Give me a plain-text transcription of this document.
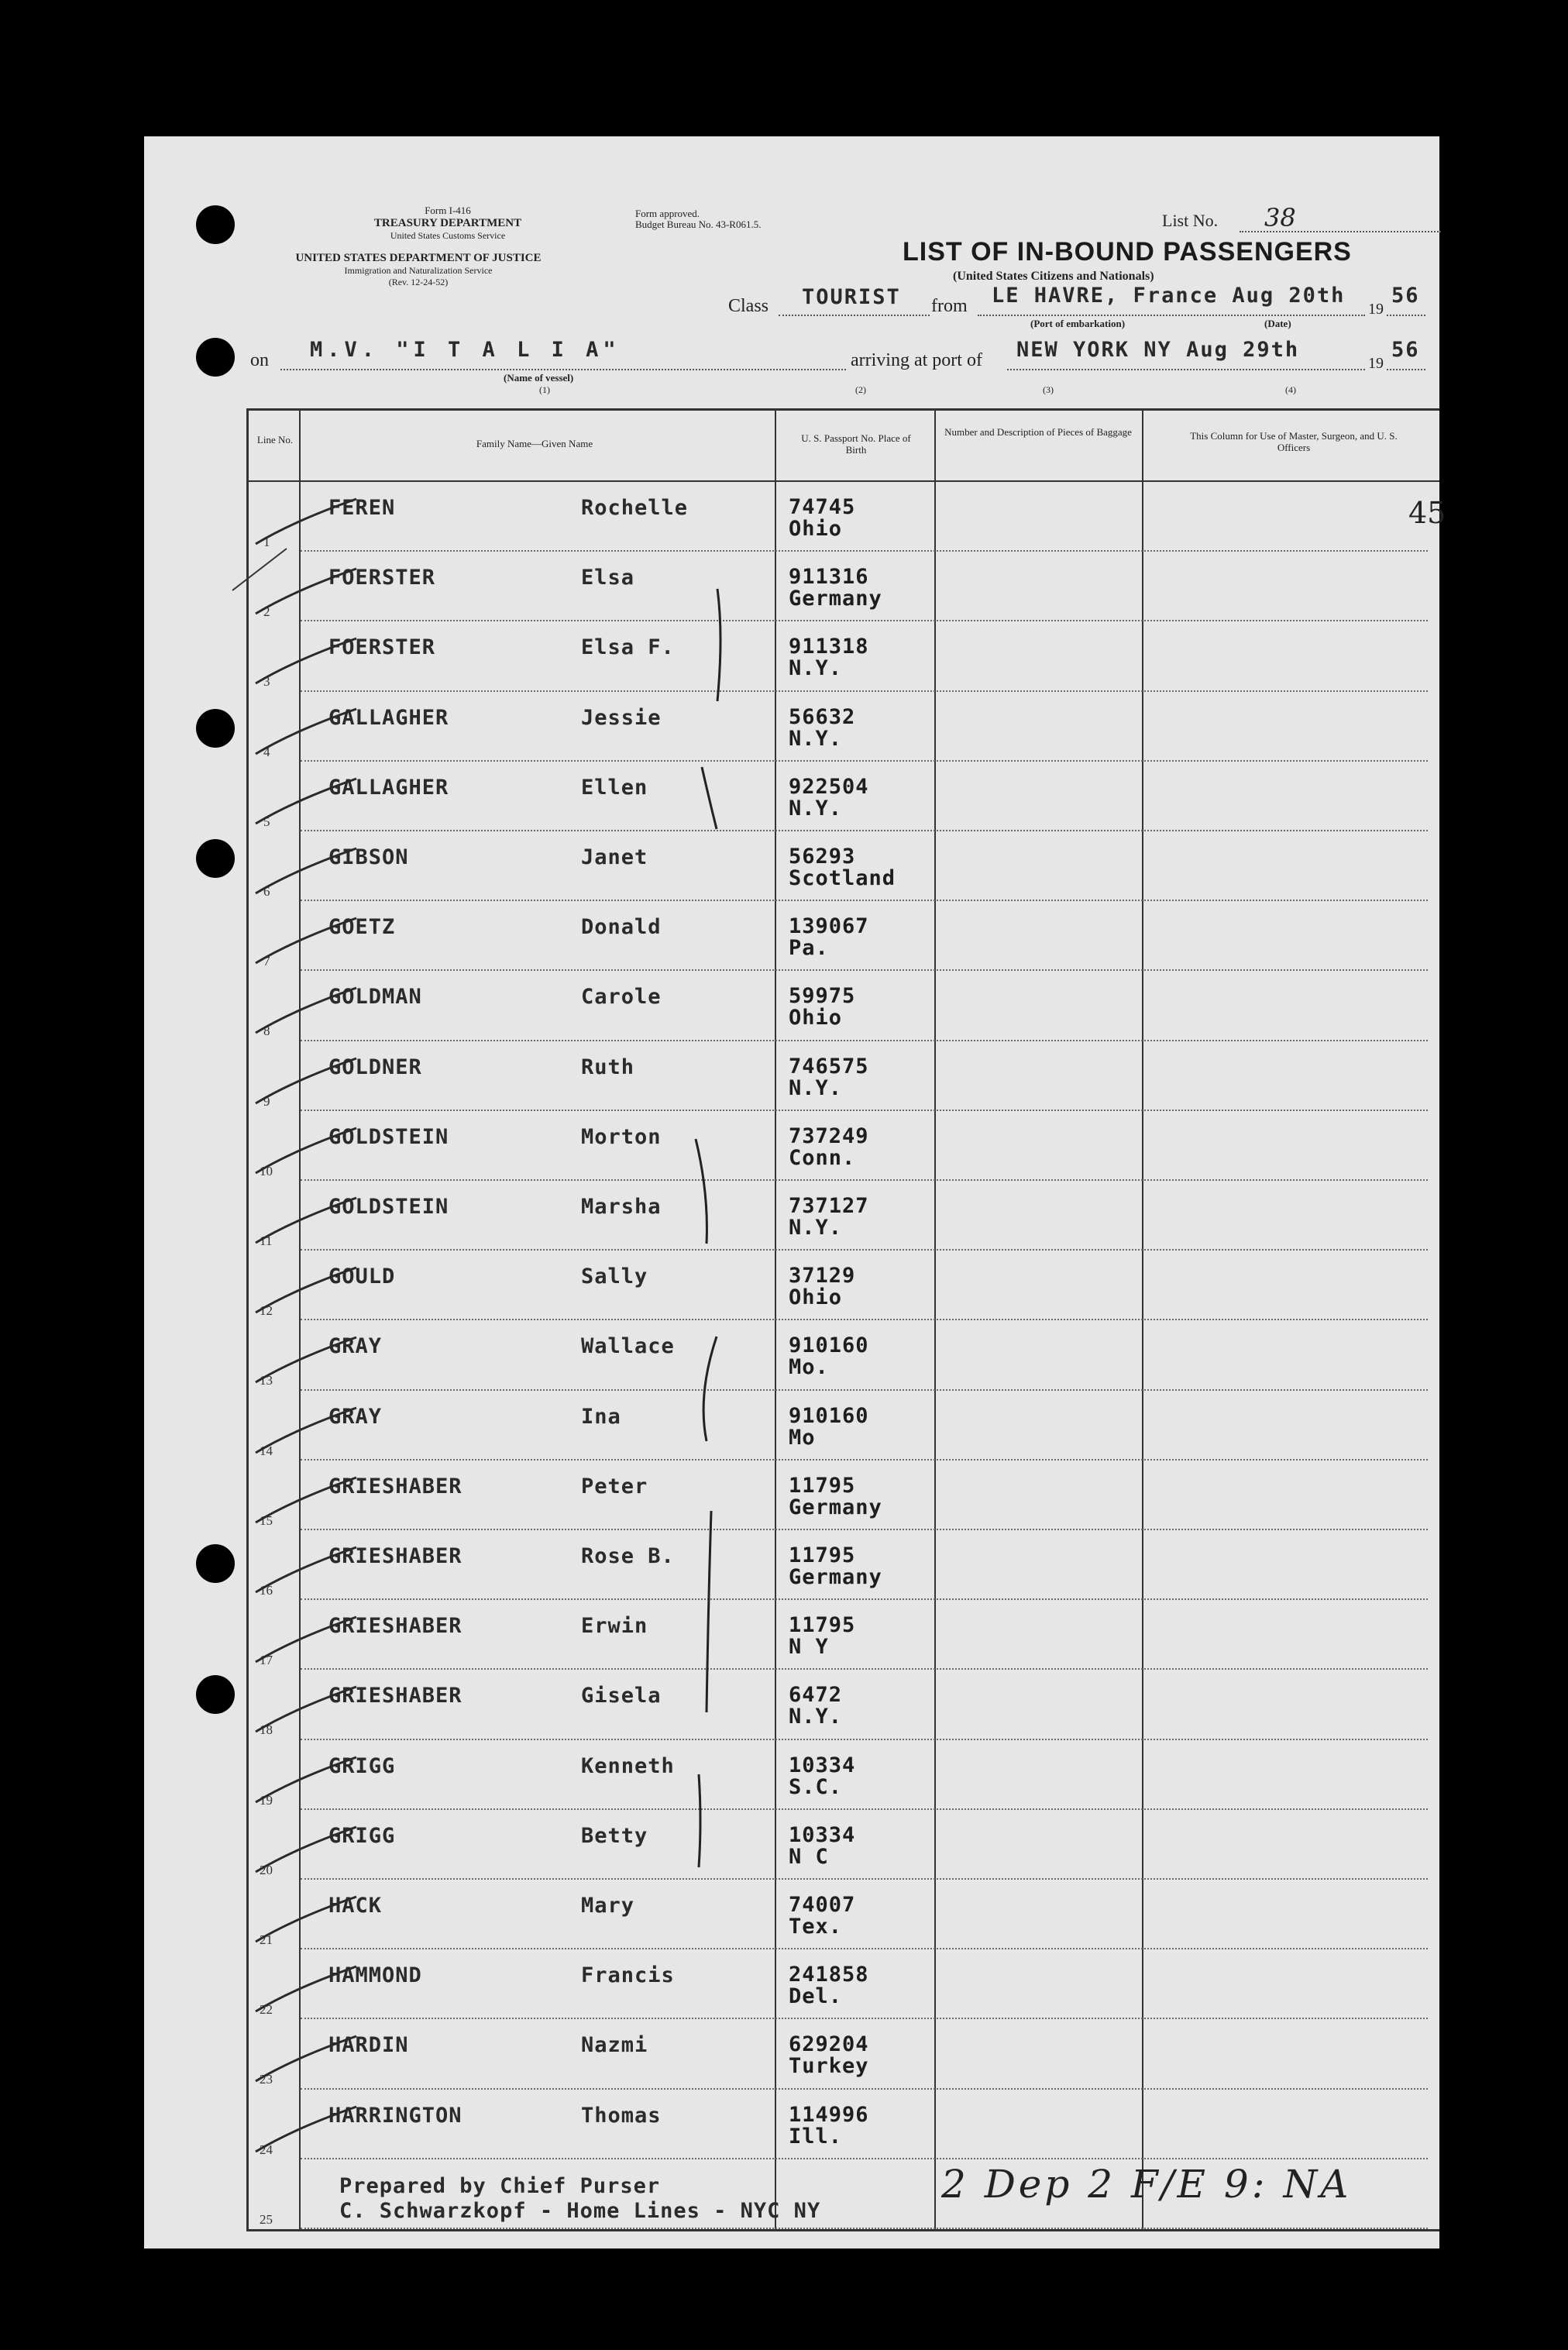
Form I-416
TREASURY DEPARTMENT
United States Customs Service
UNITED STATES DEPARTMENT OF JUSTICE
Immigration and Naturalization Service
(Rev. 12-24-52)
Form approved.
Budget Bureau No. 43-R061.5.	List No. 38
LIST OF IN-BOUND PASSENGERS
(United States Citizens and Nationals)
Class TOURIST from LE HAVRE, France Aug 20th
19
56
(Port of embarkation)	(Date)
on M.V. "I T A L I A"
(Name of vessel)
(1)
arriving at port of NEW YORK NY Aug 29th
19
56
(2)	(3)	(4)
Line No.	Family Name—Given Name	U. S. Passport No. Place of Birth
Number and Description of Pieces of Baggage	This Column for Use of Master, Surgeon, and U. S. Officers
45
1
FEREN	Rochelle	74745
Ohio
2
FOERSTER	Elsa	911316
Germany
3
FOERSTER	Elsa F.	911318
N.Y.
4
GALLAGHER	Jessie	56632
N.Y.
5
GALLAGHER	Ellen	922504
N.Y.
6
GIBSON	Janet	56293
Scotland
7
GOETZ	Donald	139067
Pa.
8
GOLDMAN	Carole	59975
Ohio
9
GOLDNER	Ruth	746575
N.Y.
10
GOLDSTEIN	Morton	737249
Conn.
11
GOLDSTEIN	Marsha	737127
N.Y.
12
GOULD	Sally	37129
Ohio
13
GRAY	Wallace	910160
Mo.
14
GRAY	Ina	910160
Mo
15
GRIESHABER	Peter	11795
Germany
16
GRIESHABER	Rose B.	11795
Germany
17
GRIESHABER	Erwin	11795
N Y
18
GRIESHABER	Gisela	6472
N.Y.
19
GRIGG	Kenneth	10334
S.C.
20
GRIGG	Betty	10334
N C
21
HACK	Mary	74007
Tex.
22
HAMMOND	Francis	241858
Del.
23
HARDIN	Nazmi	629204
Turkey
24
HARRINGTON	Thomas	114996
Ill.
25
Prepared by Chief Purser
C. Schwarzkopf - Home Lines - NYC NY
2 Dep 2 F/E 9: NA
